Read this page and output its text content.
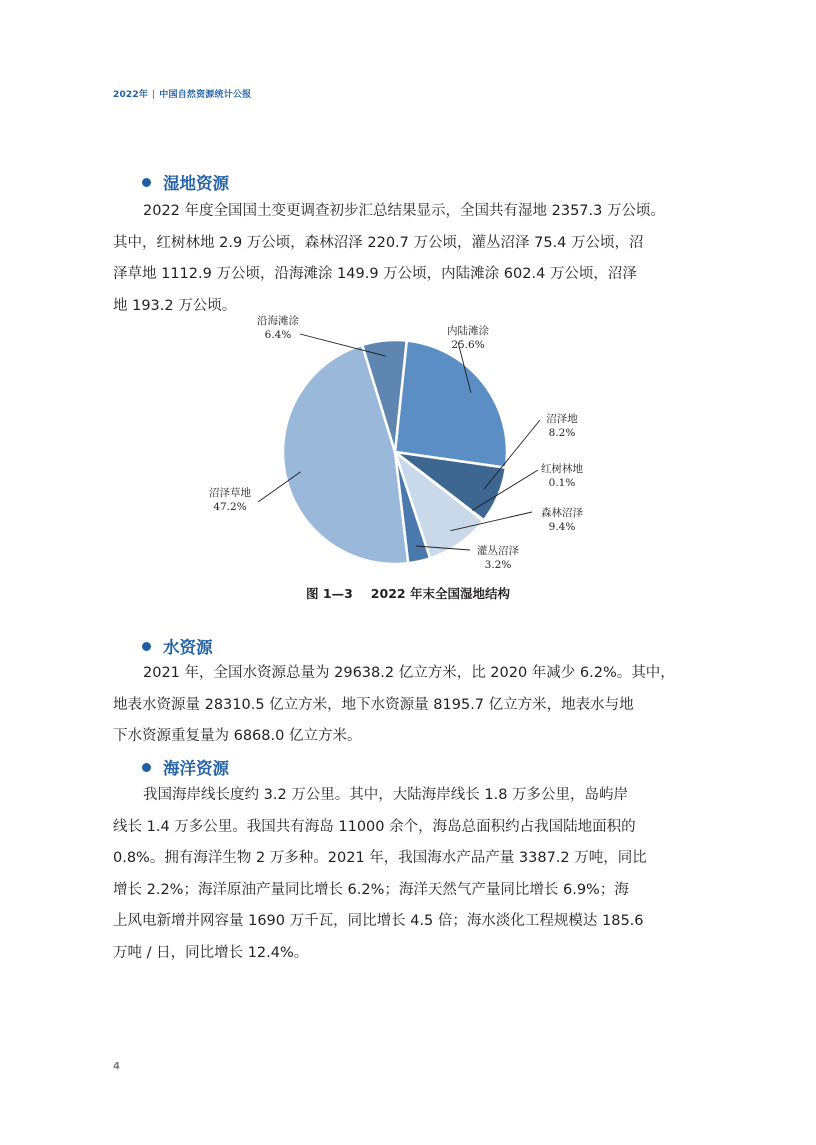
2022年 | 中国自然资源统计公报
湿地资源
2022 年度全国国土变更调查初步汇总结果显示，全国共有湿地 2357.3 万公顷。
其中，红树林地 2.9 万公顷，森林沼泽 220.7 万公顷，灌丛沼泽 75.4 万公顷，沼
泽草地 1112.9 万公顷，沿海滩涂 149.9 万公顷，内陆滩涂 602.4 万公顷，沼泽
地 193.2 万公顷。
内陆滩涂
25.6%
沼泽地
8.2%
红树林地
0.1%
森林沼泽
9.4%
灌丛沼泽
3.2%
沼泽草地
47.2%
沿海滩涂
6.4%
图 1—3 2022 年末全国湿地结构
水资源
2021 年，全国水资源总量为 29638.2 亿立方米，比 2020 年减少 6.2%。其中，
地表水资源量 28310.5 亿立方米，地下水资源量 8195.7 亿立方米，地表水与地
下水资源重复量为 6868.0 亿立方米。
海洋资源
我国海岸线长度约 3.2 万公里。其中，大陆海岸线长 1.8 万多公里，岛屿岸
线长 1.4 万多公里。我国共有海岛 11000 余个，海岛总面积约占我国陆地面积的
0.8%。拥有海洋生物 2 万多种。2021 年，我国海水产品产量 3387.2 万吨，同比
增长 2.2%；海洋原油产量同比增长 6.2%；海洋天然气产量同比增长 6.9%；海
上风电新增并网容量 1690 万千瓦，同比增长 4.5 倍；海水淡化工程规模达 185.6
万吨 / 日，同比增长 12.4%。
4
